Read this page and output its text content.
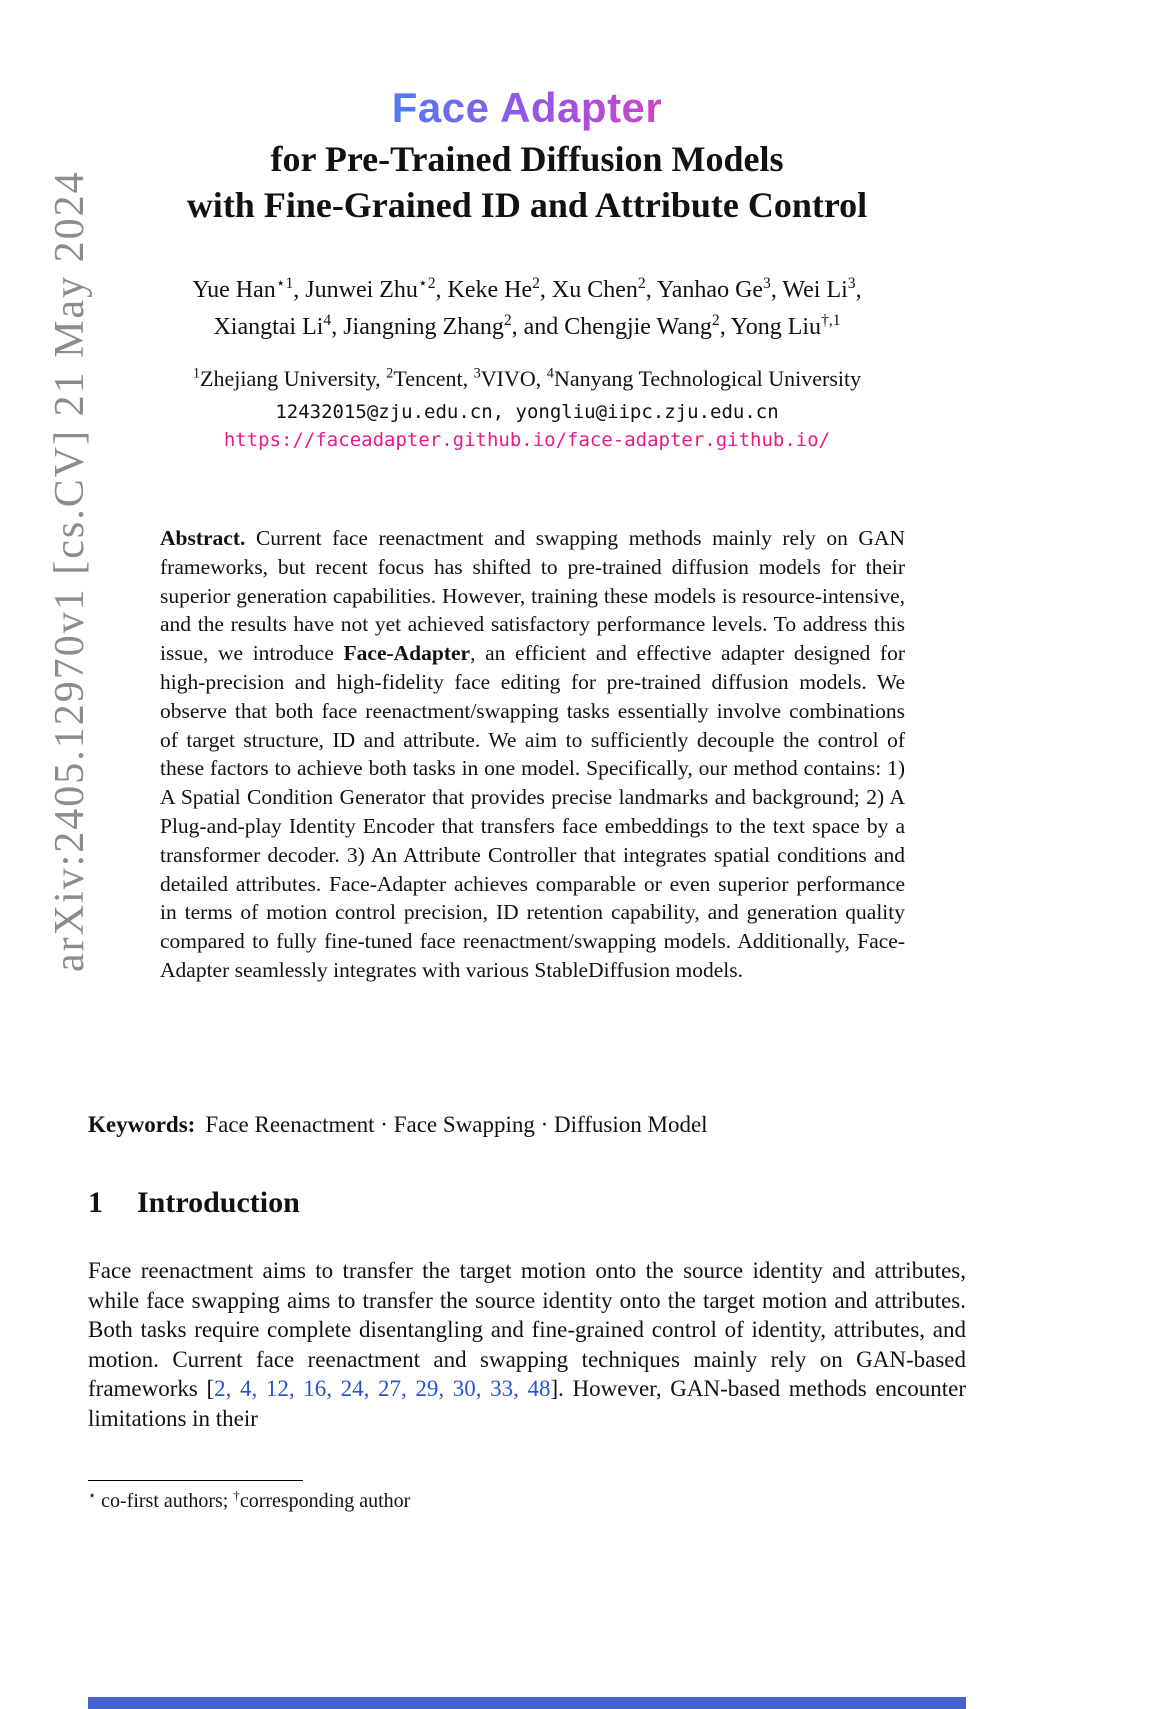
arXiv:2405.12970v1 [cs.CV] 21 May 2024
Face Adapter
for Pre-Trained Diffusion Models
with Fine-Grained ID and Attribute Control
Yue Han$^{⋆1}$, Junwei Zhu$^{⋆2}$, Keke He$^2$, Xu Chen$^2$, Yanhao Ge$^3$, Wei Li$^3$,
Xiangtai Li$^4$, Jiangning Zhang$^2$, and Chengjie Wang$^2$, Yong Liu$^{\dagger,1}$
$^1$Zhejiang University, $^2$Tencent, $^3$VIVO, $^4$Nanyang Technological University
12432015@zju.edu.cn, yongliu@iipc.zju.edu.cn
https://faceadapter.github.io/face-adapter.github.io/
Abstract. Current face reenactment and swapping methods mainly rely on GAN frameworks, but recent focus has shifted to pre-trained diffusion models for their superior generation capabilities. However, training these models is resource-intensive, and the results have not yet achieved satisfactory performance levels. To address this issue, we introduce Face-Adapter, an efficient and effective adapter designed for high-precision and high-fidelity face editing for pre-trained diffusion models. We observe that both face reenactment/swapping tasks essentially involve combinations of target structure, ID and attribute. We aim to sufficiently decouple the control of these factors to achieve both tasks in one model. Specifically, our method contains: 1) A Spatial Condition Generator that provides precise landmarks and background; 2) A Plug-and-play Identity Encoder that transfers face embeddings to the text space by a transformer decoder. 3) An Attribute Controller that integrates spatial conditions and detailed attributes. Face-Adapter achieves comparable or even superior performance in terms of motion control precision, ID retention capability, and generation quality compared to fully fine-tuned face reenactment/swapping models. Additionally, Face-Adapter seamlessly integrates with various StableDiffusion models.
Keywords: Face Reenactment · Face Swapping · Diffusion Model
1 Introduction
Face reenactment aims to transfer the target motion onto the source identity and attributes, while face swapping aims to transfer the source identity onto the target motion and attributes. Both tasks require complete disentangling and fine-grained control of identity, attributes, and motion. Current face reenactment and swapping techniques mainly rely on GAN-based frameworks [2, 4, 12, 16, 24, 27, 29, 30, 33, 48]. However, GAN-based methods encounter limitations in their
⋆ co-first authors; †corresponding author
